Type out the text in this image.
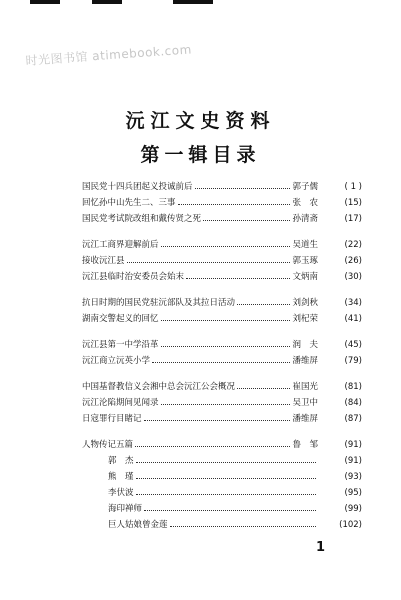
时光图书馆 atimebook.com
沅江文史资料
第一辑目录
国民党十四兵团起义投诚前后	郭子儒	( 1 )
回忆孙中山先生二、三事	张　农	(15)
国民党考试院改组和戴传贤之死	孙清斋	(17)
沅江工商界迎解前后	吴道生	(22)
接收沅江县	郭玉琢	(26)
沅江县临时治安委员会始末	文炳南	(30)
抗日时期的国民党驻沅部队及其拉日活动	刘剑秋	(34)
湖南交警起义的回忆	刘杞荣	(41)
沅江县第一中学沿革	润　夫	(45)
沅江商立沅英小学	潘维屏	(79)
中国基督教信义会湘中总会沅江公会概况	崔国光	(81)
沅江沦陷期间见闻录	吴卫中	(84)
日寇罪行目睹记	潘维屏	(87)
人物传记五篇	鲁　邹	(91)
郭　杰	(91)
熊　瑾	(93)
李伏波	(95)
海印禅师	(99)
巨人姑娘曾金莲	(102)
1
